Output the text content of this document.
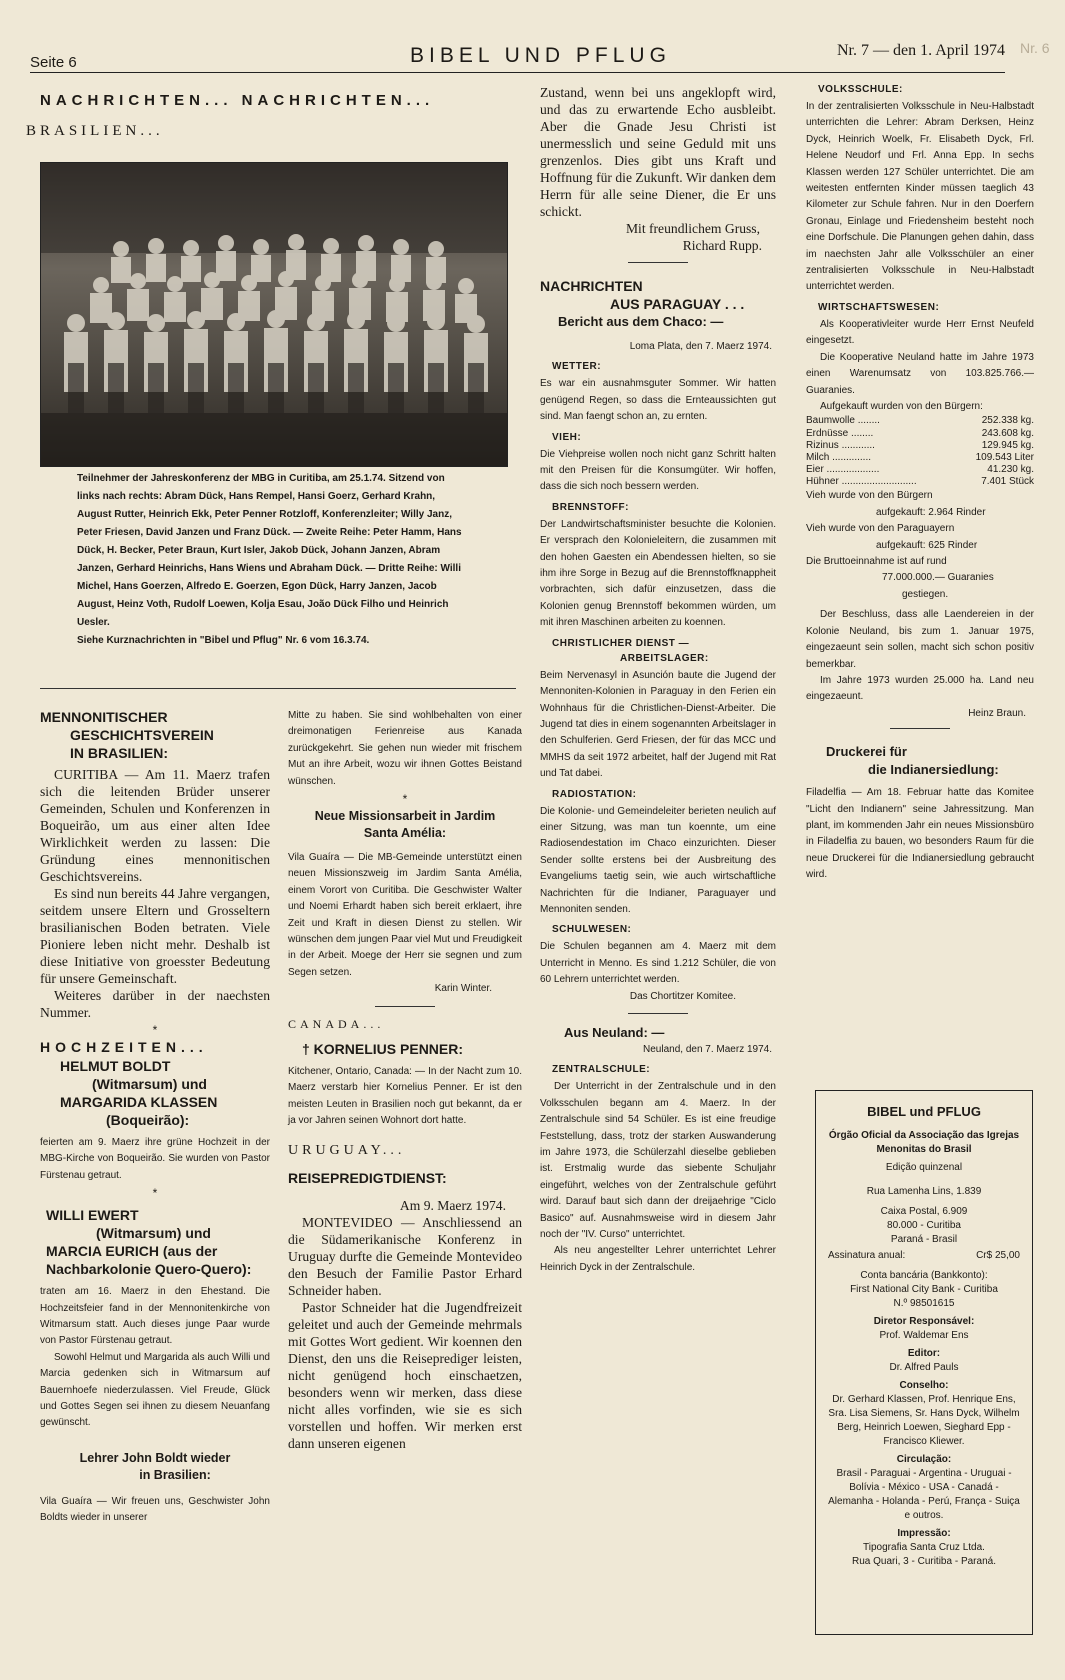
Seite 6	BIBEL UND PFLUG	Nr. 7 — den 1. April 1974 Nr. 6
NACHRICHTEN... NACHRICHTEN...
BRASILIEN...
Teilnehmer der Jahreskonferenz der MBG in Curitiba, am 25.1.74. Sitzend von links nach rechts: Abram Dück, Hans Rempel, Hansi Goerz, Gerhard Krahn, August Rutter, Heinrich Ekk, Peter Penner Rotzloff, Konferenzleiter; Willy Janz, Peter Friesen, David Janzen und Franz Dück. — Zweite Reihe: Peter Hamm, Hans Dück, H. Becker, Peter Braun, Kurt Isler, Jakob Dück, Johann Janzen, Abram Janzen, Gerhard Heinrichs, Hans Wiens und Abraham Dück. — Dritte Reihe: Willi Michel, Hans Goerzen, Alfredo E. Goerzen, Egon Dück, Harry Janzen, Jacob August, Heinz Voth, Rudolf Loewen, Kolja Esau, João Dück Filho und Heinrich Uesler.
Siehe Kurznachrichten in "Bibel und Pflug" Nr. 6 vom 16.3.74.
MENNONITISCHER
GESCHICHTSVEREIN
IN BRASILIEN:

CURITIBA — Am 11. Maerz trafen sich die leitenden Brüder unserer Gemeinden, Schulen und Konferenzen in Boqueirão, um aus einer alten Idee Wirklichkeit werden zu lassen: Die Gründung eines mennonitischen Geschichtsvereins.

Es sind nun bereits 44 Jahre vergangen, seitdem unsere Eltern und Grosseltern brasilianischen Boden betraten. Viele Pioniere leben nicht mehr. Deshalb ist diese Initiative von groesster Bedeutung für unsere Gemeinschaft.

Weiteres darüber in der naechsten Nummer.

*
HOCHZEITEN...
HELMUT BOLDT
(Witmarsum) und
MARGARIDA KLASSEN
(Boqueirão):
feierten am 9. Maerz ihre grüne Hochzeit in der MBG-Kirche von Boqueirão. Sie wurden von Pastor Fürstenau getraut.
*
WILLI EWERT
(Witmarsum) und
MARCIA EURICH (aus der
Nachbarkolonie Quero-Quero):

traten am 16. Maerz in den Ehestand. Die Hochzeitsfeier fand in der Mennonitenkirche von Witmarsum statt. Auch dieses junge Paar wurde von Pastor Fürstenau getraut.

Sowohl Helmut und Margarida als auch Willi und Marcia gedenken sich in Witmarsum auf Bauernhoefe niederzulassen. Viel Freude, Glück und Gottes Segen sei ihnen zu diesem Neuanfang gewünscht.

Lehrer John Boldt wieder
in Brasilien:
Vila Guaíra — Wir freuen uns, Geschwister John Boldts wieder in unserer
Mitte zu haben. Sie sind wohlbehalten von einer dreimonatigen Ferienreise aus Kanada zurückgekehrt. Sie gehen nun wieder mit frischem Mut an ihre Arbeit, wozu wir ihnen Gottes Beistand wünschen.
*
Neue Missionsarbeit in Jardim
Santa Amélia:
Vila Guaíra — Die MB-Gemeinde unterstützt einen neuen Missionszweig im Jardim Santa Amélia, einem Vorort von Curitiba. Die Geschwister Walter und Noemi Erhardt haben sich bereit erklaert, ihre Zeit und Kraft in diesen Dienst zu stellen. Wir wünschen dem jungen Paar viel Mut und Freudigkeit in der Arbeit. Moege der Herr sie segnen und zum Segen setzen.
Karin Winter.
CANADA...
† KORNELIUS PENNER:
Kitchener, Ontario, Canada: — In der Nacht zum 10. Maerz verstarb hier Kornelius Penner. Er ist den meisten Leuten in Brasilien noch gut bekannt, da er ja vor Jahren seinen Wohnort dort hatte.
URUGUAY...
REISEPREDIGTDIENST:
Am 9. Maerz 1974.

MONTEVIDEO — Anschliessend an die Südamerikanische Konferenz in Uruguay durfte die Gemeinde Montevideo den Besuch der Familie Pastor Erhard Schneider haben.

Pastor Schneider hat die Jugendfreizeit geleitet und auch der Gemeinde mehrmals mit Gottes Wort gedient. Wir koennen den Dienst, den uns die Reiseprediger leisten, nicht genügend hoch einschaetzen, besonders wenn wir merken, dass diese nicht alles vorfinden, wie sie es sich vorstellen und hoffen. Wir merken erst dann unseren eigenen

Zustand, wenn bei uns angeklopft wird, und das zu erwartende Echo ausbleibt. Aber die Gnade Jesu Christi ist unermesslich und seine Geduld mit uns grenzenlos. Dies gibt uns Kraft und Hoffnung für die Zukunft. Wir danken dem Herrn für alle seine Diener, die Er uns schickt.
Mit freundlichem Gruss,
Richard Rupp.
NACHRICHTEN
AUS PARAGUAY . . .
Bericht aus dem Chaco: —
Loma Plata, den 7. Maerz 1974.
WETTER:
Es war ein ausnahmsguter Sommer. Wir hatten genügend Regen, so dass die Ernteaussichten gut sind. Man faengt schon an, zu ernten.
VIEH:
Die Viehpreise wollen noch nicht ganz Schritt halten mit den Preisen für die Konsumgüter. Wir hoffen, dass die sich noch bessern werden.
BRENNSTOFF:
Der Landwirtschaftsminister besuchte die Kolonien. Er versprach den Kolonieleitern, die zusammen mit den hohen Gaesten ein Abendessen hielten, so sie ihm ihre Sorge in Bezug auf die Brennstoffknappheit vorbrachten, sich dafür einzusetzen, dass die Kolonien genug Brennstoff bekommen würden, um mit ihren Maschinen arbeiten zu koennen.
CHRISTLICHER DIENST —
ARBEITSLAGER:
Beim Nervenasyl in Asunción baute die Jugend der Mennoniten-Kolonien in Paraguay in den Ferien ein Wohnhaus für die Christlichen-Dienst-Arbeiter. Die Jugend tat dies in einem sogenannten Arbeitslager in den Schulferien. Gerd Friesen, der für das MCC und MMHS da seit 1972 arbeitet, half der Jugend mit Rat und Tat dabei.
RADIOSTATION:
Die Kolonie- und Gemeindeleiter berieten neulich auf einer Sitzung, was man tun koennte, um eine Radiosendestation im Chaco einzurichten. Dieser Sender sollte erstens bei der Ausbreitung des Evangeliums taetig sein, wie auch wirtschaftliche Nachrichten für die Indianer, Paraguayer und Mennoniten senden.
SCHULWESEN:
Die Schulen begannen am 4. Maerz mit dem Unterricht in Menno. Es sind 1.212 Schüler, die von 60 Lehrern unterrichtet werden.
Das Chortitzer Komitee.
Aus Neuland: —
Neuland, den 7. Maerz 1974.
ZENTRALSCHULE:

Der Unterricht in der Zentralschule und in den Volksschulen begann am 4. Maerz. In der Zentralschule sind 54 Schüler. Es ist eine freudige Feststellung, dass, trotz der starken Auswanderung im Jahre 1973, die Schülerzahl dieselbe geblieben ist. Erstmalig wurde das siebente Schuljahr eingeführt, welches von der Zentralschule geführt wird. Darauf baut sich dann der dreijaehrige "Ciclo Basico" auf. Ausnahmsweise wird in diesem Jahr noch der "IV. Curso" unterrichtet.

Als neu angestellter Lehrer unterrichtet Lehrer Heinrich Dyck in der Zentralschule.

VOLKSSCHULE:
In der zentralisierten Volksschule in Neu-Halbstadt unterrichten die Lehrer: Abram Derksen, Heinz Dyck, Heinrich Woelk, Fr. Elisabeth Dyck, Frl. Helene Neudorf und Frl. Anna Epp. In sechs Klassen werden 127 Schüler unterrichtet. Die am weitesten entfernten Kinder müssen taeglich 43 Kilometer zur Schule fahren. Nur in den Doerfern Gronau, Einlage und Friedensheim besteht noch eine Dorfschule. Die Planungen gehen dahin, dass im naechsten Jahr alle Volksschüler an einer zentralisierten Volksschule in Neu-Halbstadt unterrichtet werden.
WIRTSCHAFTSWESEN:

Als Kooperativleiter wurde Herr Ernst Neufeld eingesetzt.

Die Kooperative Neuland hatte im Jahre 1973 einen Warenumsatz von 103.825.766.— Guaranies.

Aufgekauft wurden von den Bürgern:

Baumwolle ........	252.338 kg.
Erdnüsse ........	243.608 kg.
Rizinus ............	129.945 kg.
Milch ..............	109.543 Liter
Eier ...................	41.230 kg.
Hühner ...........................	7.401 Stück
Vieh wurde von den Bürgern
aufgekauft: 2.964 Rinder
Vieh wurde von den Paraguayern
aufgekauft: 625 Rinder
Die Bruttoeinnahme ist auf rund
77.000.000.— Guaranies
gestiegen.

Der Beschluss, dass alle Laendereien in der Kolonie Neuland, bis zum 1. Januar 1975, eingezaeunt sein sollen, macht sich schon positiv bemerkbar.

Im Jahre 1973 wurden 25.000 ha. Land neu eingezaeunt.

Heinz Braun.
Druckerei für
die Indianersiedlung:
Filadelfia — Am 18. Februar hatte das Komitee "Licht den Indianern" seine Jahressitzung. Man plant, im kommenden Jahr ein neues Missionsbüro in Filadelfia zu bauen, wo besonders Raum für die neue Druckerei für die Indianersiedlung gebraucht wird.
BIBEL und PFLUG
Órgão Oficial da Associação das Igrejas Menonitas do Brasil
Edição quinzenal
Rua Lamenha Lins, 1.839
Caixa Postal, 6.909
80.000 - Curitiba
Paraná - Brasil
Assinatura anual:	Cr$ 25,00
Conta bancária (Bankkonto):
First National City Bank - Curitiba
N.º 98501615
Diretor Responsável:
Prof. Waldemar Ens
Editor:
Dr. Alfred Pauls
Conselho:
Dr. Gerhard Klassen, Prof. Henrique Ens, Sra. Lisa Siemens, Sr. Hans Dyck, Wilhelm Berg, Heinrich Loewen, Sieghard Epp - Francisco Kliewer.
Circulação:
Brasil - Paraguai - Argentina - Uruguai - Bolívia - México - USA - Canadá - Alemanha - Holanda - Perú, França - Suiça e outros.
Impressão:
Tipografia Santa Cruz Ltda.
Rua Quari, 3 - Curitiba - Paraná.
